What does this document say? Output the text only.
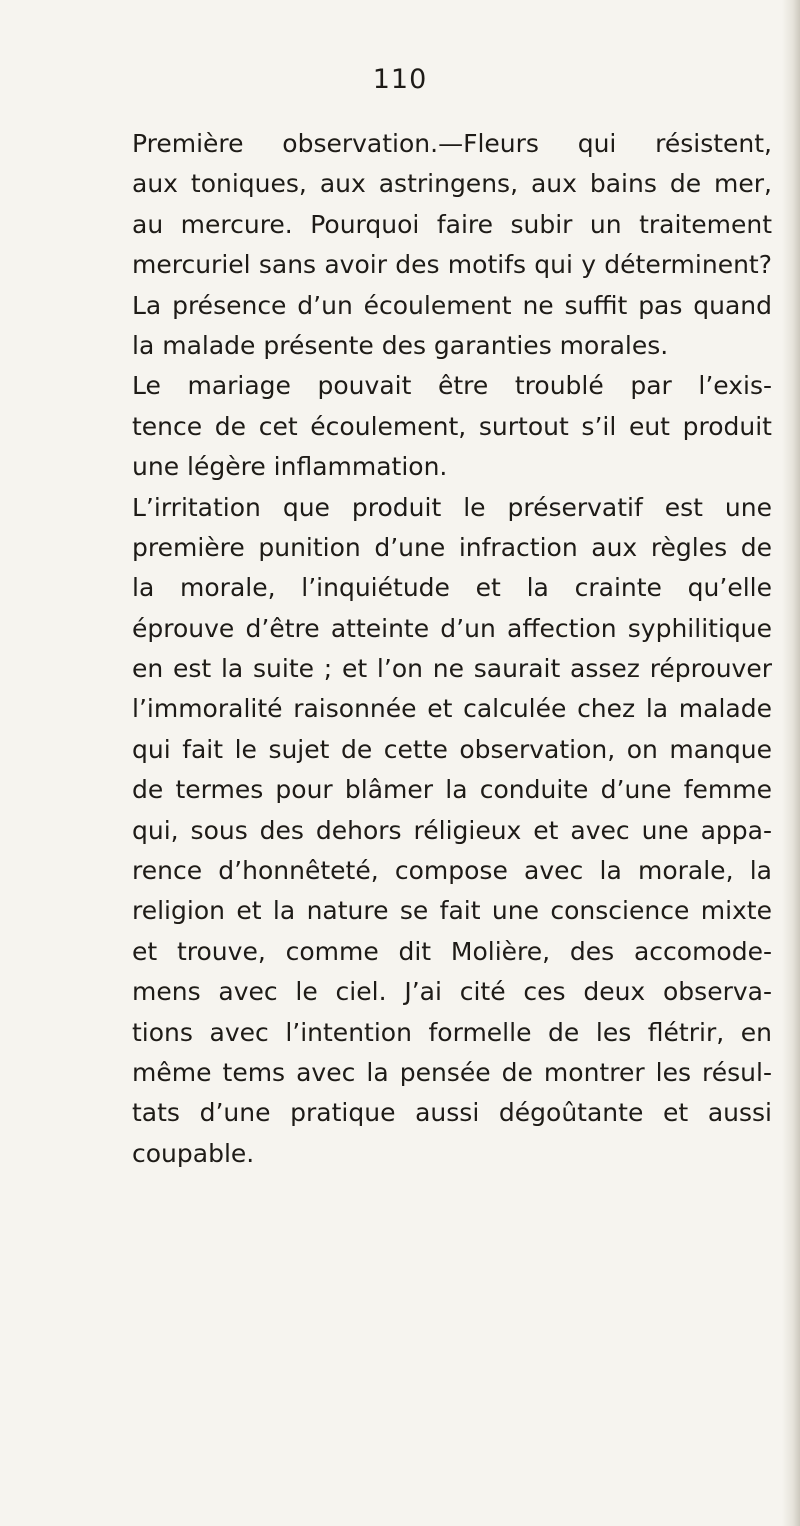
110
Première observation.—Fleurs qui résistent,
aux toniques, aux astringens, aux bains de mer,
au mercure. Pourquoi faire subir un traitement
mercuriel sans avoir des motifs qui y déterminent?
La présence d’un écoulement ne suffit pas quand
la malade présente des garanties morales.
Le mariage pouvait être troublé par l’exis-
tence de cet écoulement, surtout s’il eut produit
une légère inflammation.
L’irritation que produit le préservatif est une
première punition d’une infraction aux règles de
la morale, l’inquiétude et la crainte qu’elle
éprouve d’être atteinte d’un affection syphilitique
en est la suite ; et l’on ne saurait assez réprouver
l’immoralité raisonnée et calculée chez la malade
qui fait le sujet de cette observation, on manque
de termes pour blâmer la conduite d’une femme
qui, sous des dehors réligieux et avec une appa-
rence d’honnêteté, compose avec la morale, la
religion et la nature se fait une conscience mixte
et trouve, comme dit Molière, des accomode-
mens avec le ciel. J’ai cité ces deux observa-
tions avec l’intention formelle de les flétrir, en
même tems avec la pensée de montrer les résul-
tats d’une pratique aussi dégoûtante et aussi
coupable.
